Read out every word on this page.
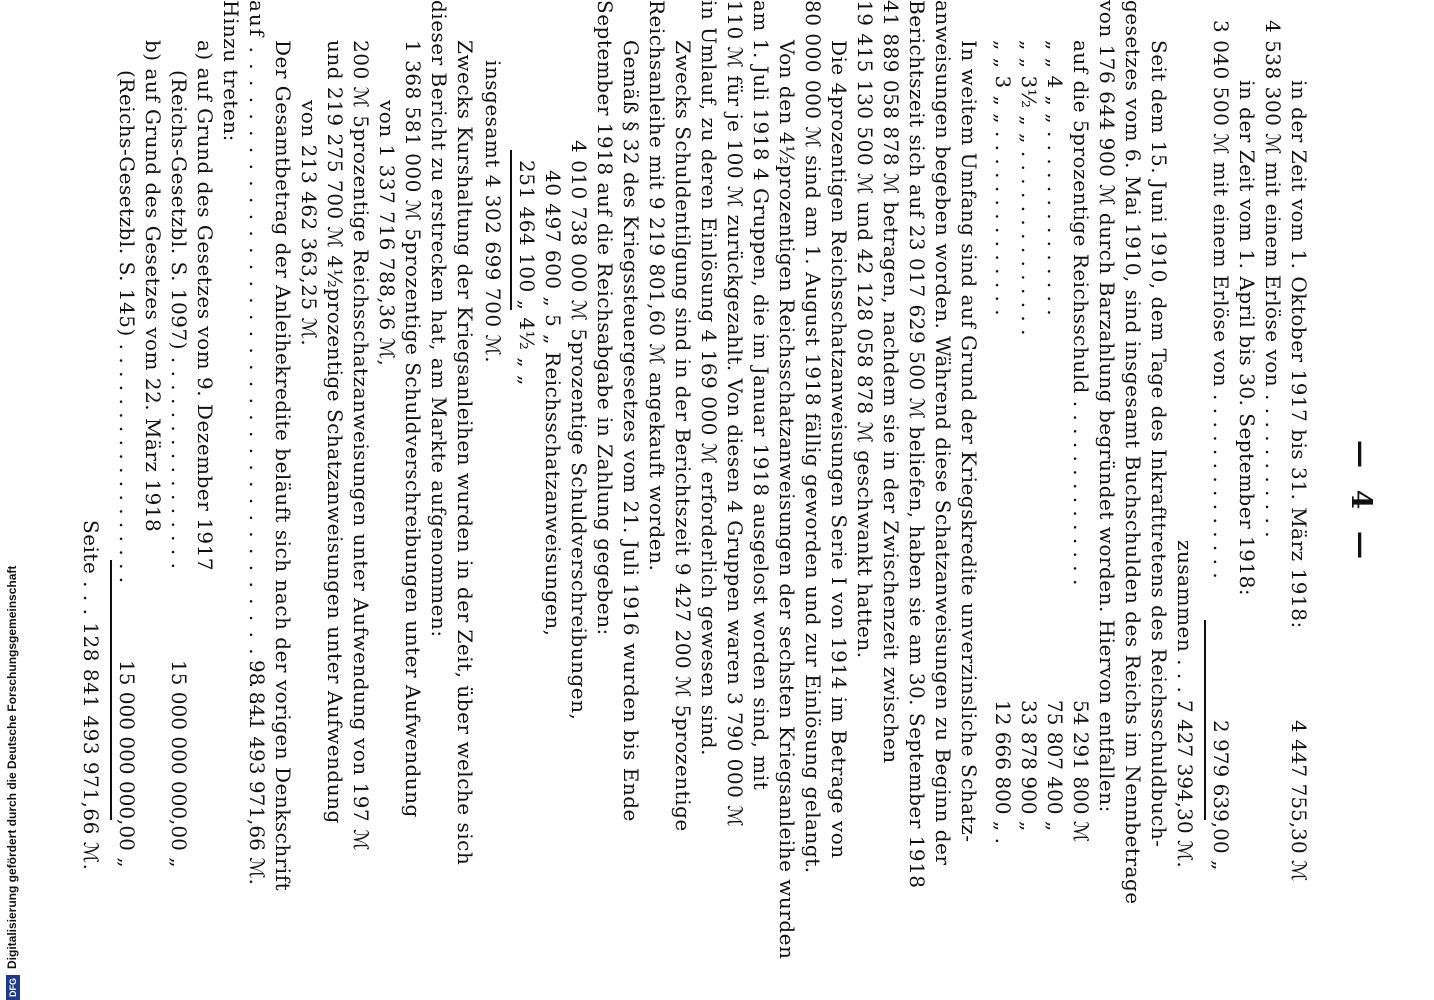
— 4 —
in der Zeit vom 1. Oktober 1917 bis 31. März 1918:
4 447 755,30 ℳ
4 538 300 ℳ mit einem Erlöse von . . . . . . . . . . .
in der Zeit vom 1. April bis 30. September 1918:
3 040 500 ℳ mit einem Erlöse von . . . . . . . . . . . . . .
2 979 639,00 „
zusammen . . . .
7 427 394,30 ℳ.
Seit dem 15. Juni 1910, dem Tage des Inkrafttretens des Reichsschuldbuch-
gesetzes vom 6. Mai 1910, sind insgesamt Buchschulden des Reichs im Nennbetrage
von 176 644 900 ℳ durch Barzahlung begründet worden. Hiervon entfallen:
auf die 5prozentige Reichsschuld . . . . . . . . . . . . . .
54 291 800 ℳ
„ „ 4 „ „ . . . . . . . . . . . . . .
75 807 400 „
„ „ 3½ „ „ . . . . . . . . . . . . . .
33 878 900 „
„ „ 3 „ „ . . . . . . . . . . . . . .
12 666 800 „ .
In weitem Umfang sind auf Grund der Kriegskredite unverzinsliche Schatz-
anweisungen begeben worden. Während diese Schatzanweisungen zu Beginn der
Berichtszeit sich auf 23 017 629 500 ℳ beliefen, haben sie am 30. September 1918
41 889 058 878 ℳ betragen, nachdem sie in der Zwischenzeit zwischen
19 415 130 500 ℳ und 42 128 058 878 ℳ geschwankt hatten.
Die 4prozentigen Reichsschatzanweisungen Serie I von 1914 im Betrage von
80 000 000 ℳ sind am 1. August 1918 fällig geworden und zur Einlösung gelangt.
Von den 4½prozentigen Reichsschatzanweisungen der sechsten Kriegsanleihe wurden
am 1. Juli 1918 4 Gruppen, die im Januar 1918 ausgelost worden sind, mit
110 ℳ für je 100 ℳ zurückgezahlt. Von diesen 4 Gruppen waren 3 790 000 ℳ
in Umlauf, zu deren Einlösung 4 169 000 ℳ erforderlich gewesen sind.
Zwecks Schuldentilgung sind in der Berichtszeit 9 427 200 ℳ 5prozentige
Reichsanleihe mit 9 219 801,60 ℳ angekauft worden.
Gemäß § 32 des Kriegssteuergesetzes vom 21. Juli 1916 wurden bis Ende
September 1918 auf die Reichsabgabe in Zahlung gegeben:
4 010 738 000 ℳ 5prozentige Schuldverschreibungen,
40 497 600 „ 5 „ Reichsschatzanweisungen,
251 464 100 „ 4½ „ „
insgesamt 4 302 699 700 ℳ.
Zwecks Kurshaltung der Kriegsanleihen wurden in der Zeit, über welche sich
dieser Bericht zu erstrecken hat, am Markte aufgenommen:
1 368 581 000 ℳ 5prozentige Schuldverschreibungen unter Aufwendung
von 1 337 716 788,36 ℳ,
200 ℳ 5prozentige Reichsschatzanweisungen unter Aufwendung von 197 ℳ
und 219 275 700 ℳ 4½prozentige Schatzanweisungen unter Aufwendung
von 213 462 363,25 ℳ.
Der Gesamtbetrag der Anleihekredite beläuft sich nach der vorigen Denkschrift
auf . . . . . . . . . . . . . . . . . . . . . . . . . . . . . . . . . . . . . . . . .
98 841 493 971,66 ℳ.
Hinzu treten:
a) auf Grund des Gesetzes vom 9. Dezember 1917
(Reichs-Gesetzbl. S. 1097) . . . . . . . . . . . . . . . .
15 000 000 000,00 „
b) auf Grund des Gesetzes vom 22. März 1918
(Reichs-Gesetzbl. S. 145) . . . . . . . . . . . . . . . . . .
15 000 000 000,00 „
Seite . . . 128 841 493 971,66 ℳ.
DFGDigitalisierung gefördert durch die Deutsche Forschungsgemeinschaft
